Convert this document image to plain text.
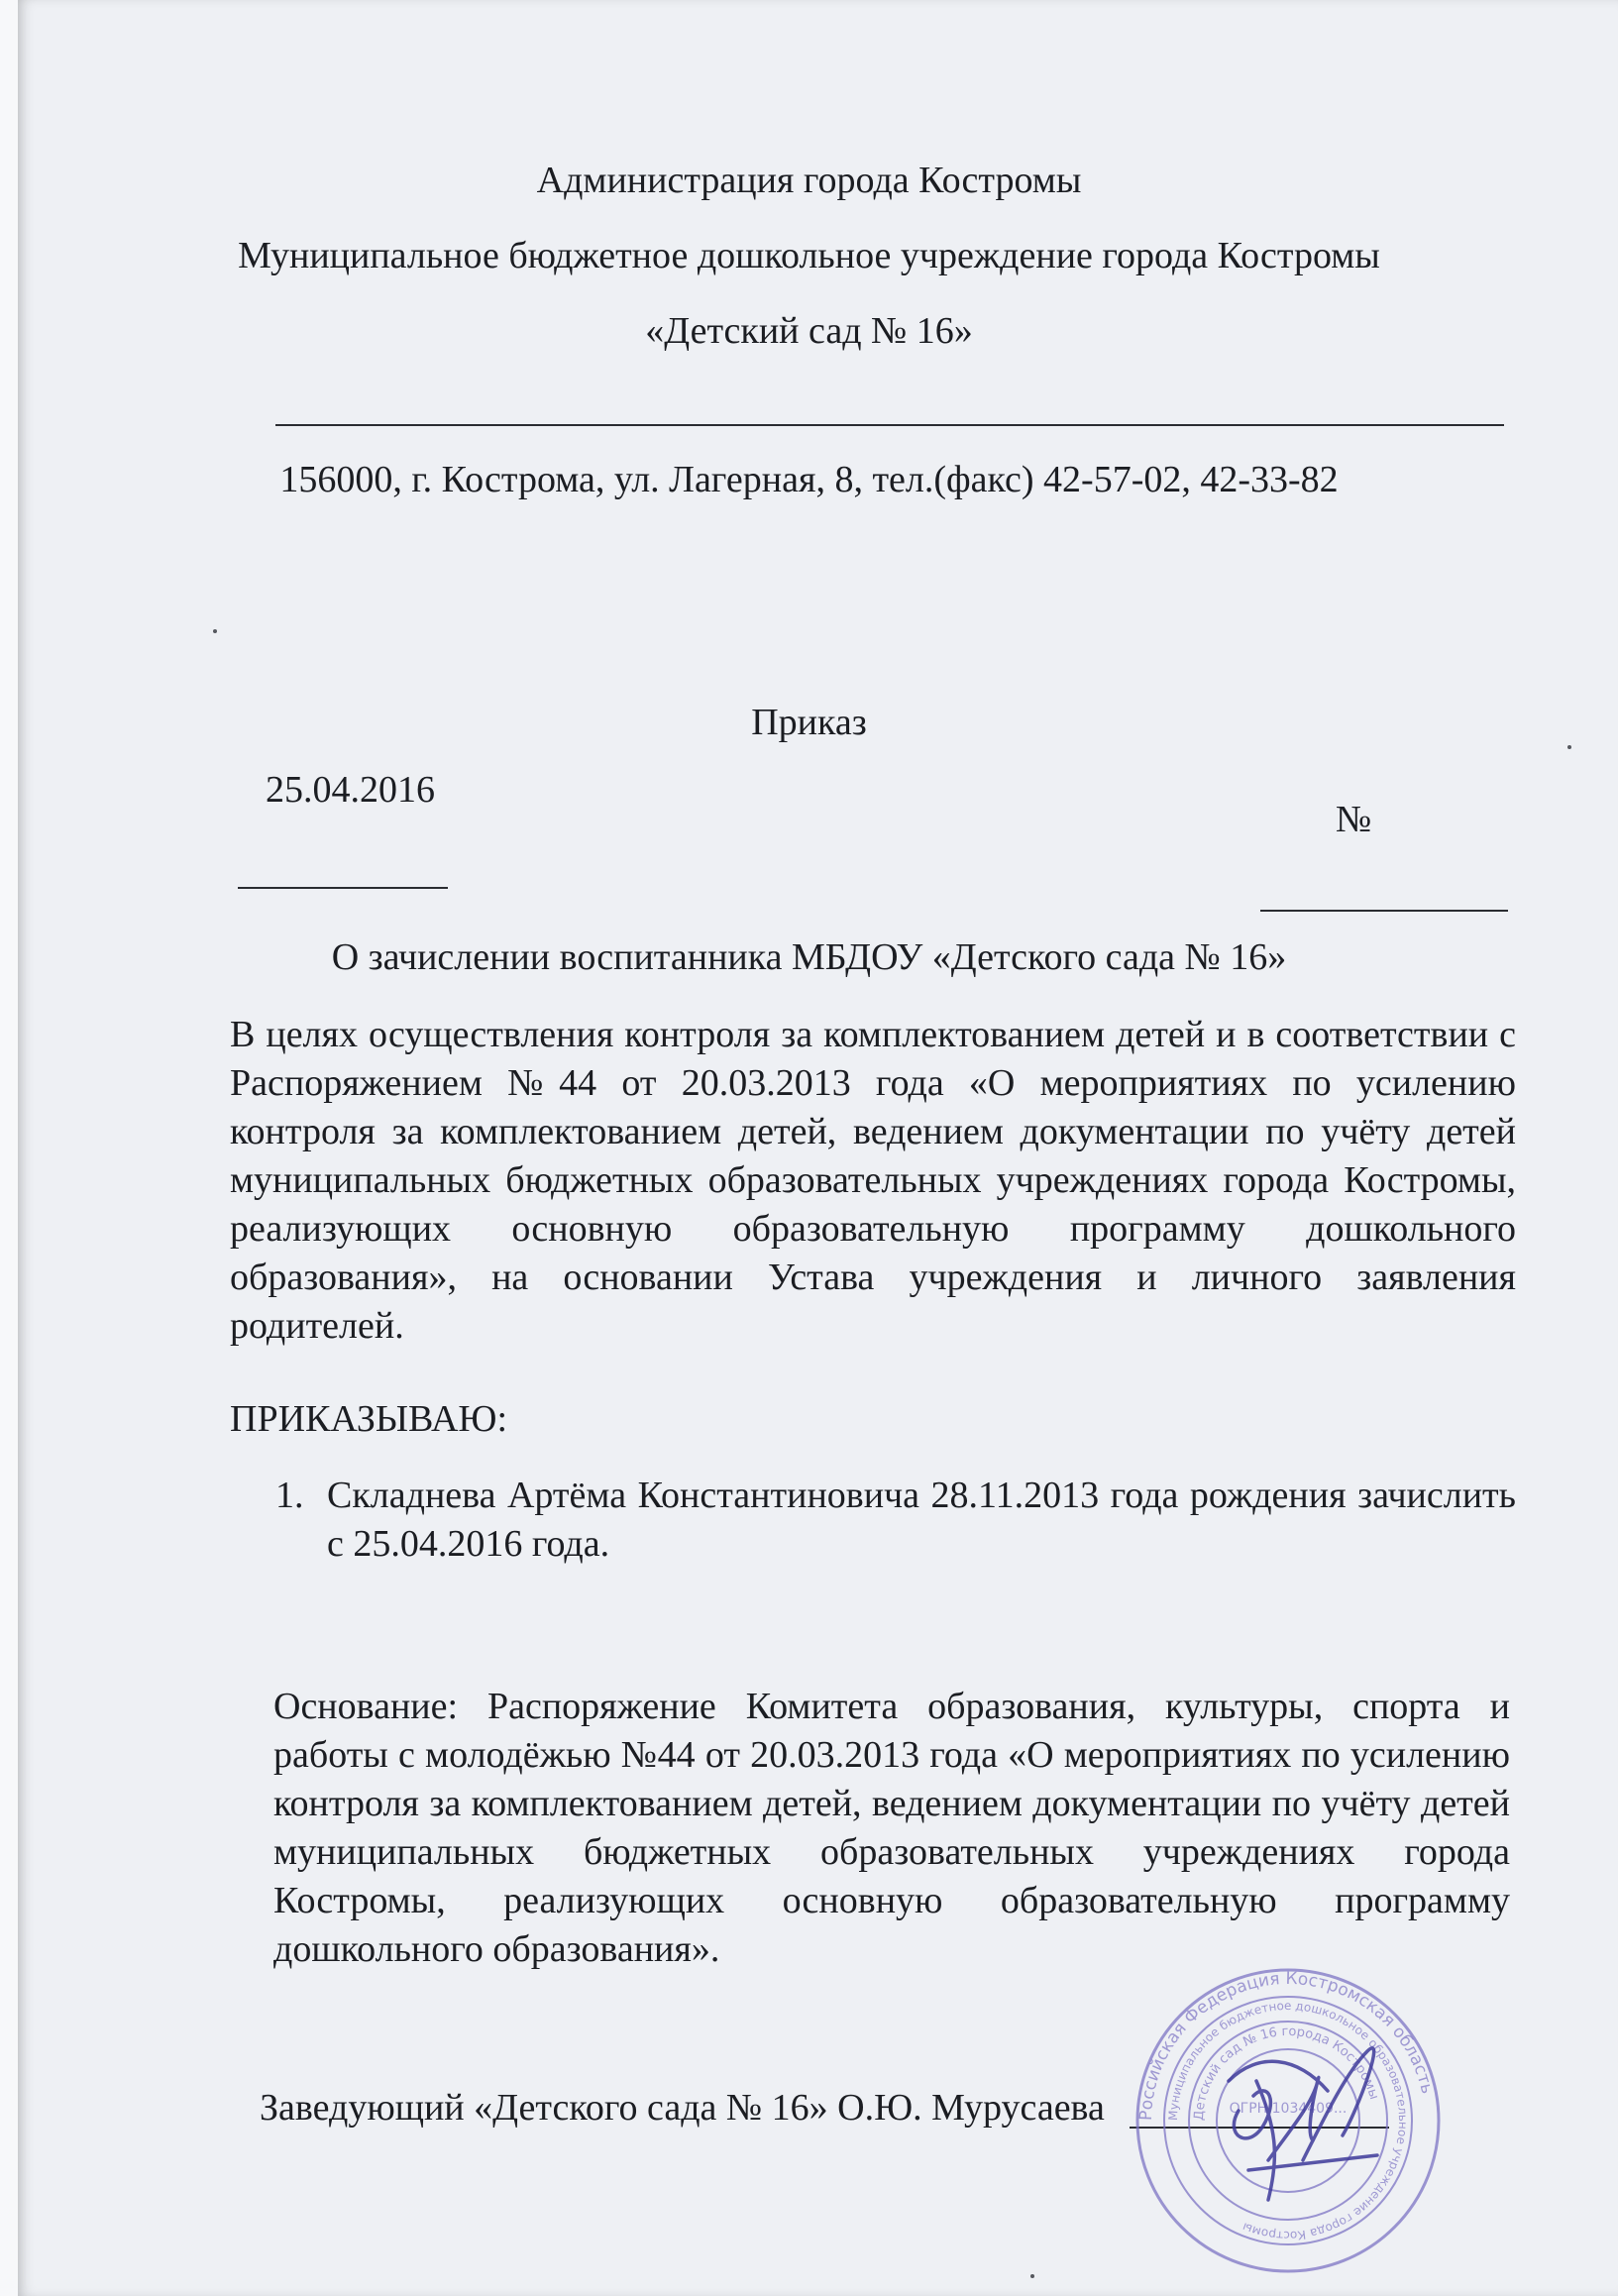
Администрация города Костромы
Муниципальное бюджетное дошкольное учреждение города Костромы
«Детский сад № 16»
156000, г. Кострома, ул. Лагерная, 8, тел.(факс) 42-57-02, 42-33-82
Приказ
25.04.2016
№
О зачислении воспитанника МБДОУ «Детского сада № 16»
В целях осуществления контроля за комплектованием детей и в соответствии с Распоряжением №44 от 20.03.2013 года «О мероприятиях по усилению контроля за комплектованием детей, ведением документации по учёту детей муниципальных бюджетных образовательных учреждениях города Костромы, реализующих основную образовательную программу дошкольного образования», на основании Устава учреждения и личного заявления родителей.
ПРИКАЗЫВАЮ:
1. Складнева Артёма Константиновича 28.11.2013 года рождения зачислить с 25.04.2016 года.
Основание: Распоряжение Комитета образования, культуры, спорта и работы с молодёжью №44 от 20.03.2013 года «О мероприятиях по усилению контроля за комплектованием детей, ведением документации по учёту детей муниципальных бюджетных образовательных учреждениях города Костромы, реализующих основную образовательную программу дошкольного образования».
Заведующий «Детского сада № 16» О.Ю. Мурусаева Российская Федерация Костромская область
Муниципальное бюджетное дошкольное образовательное учреждение города Костромы
Детский сад № 16 города Костромы
ОГРН 1034409...
